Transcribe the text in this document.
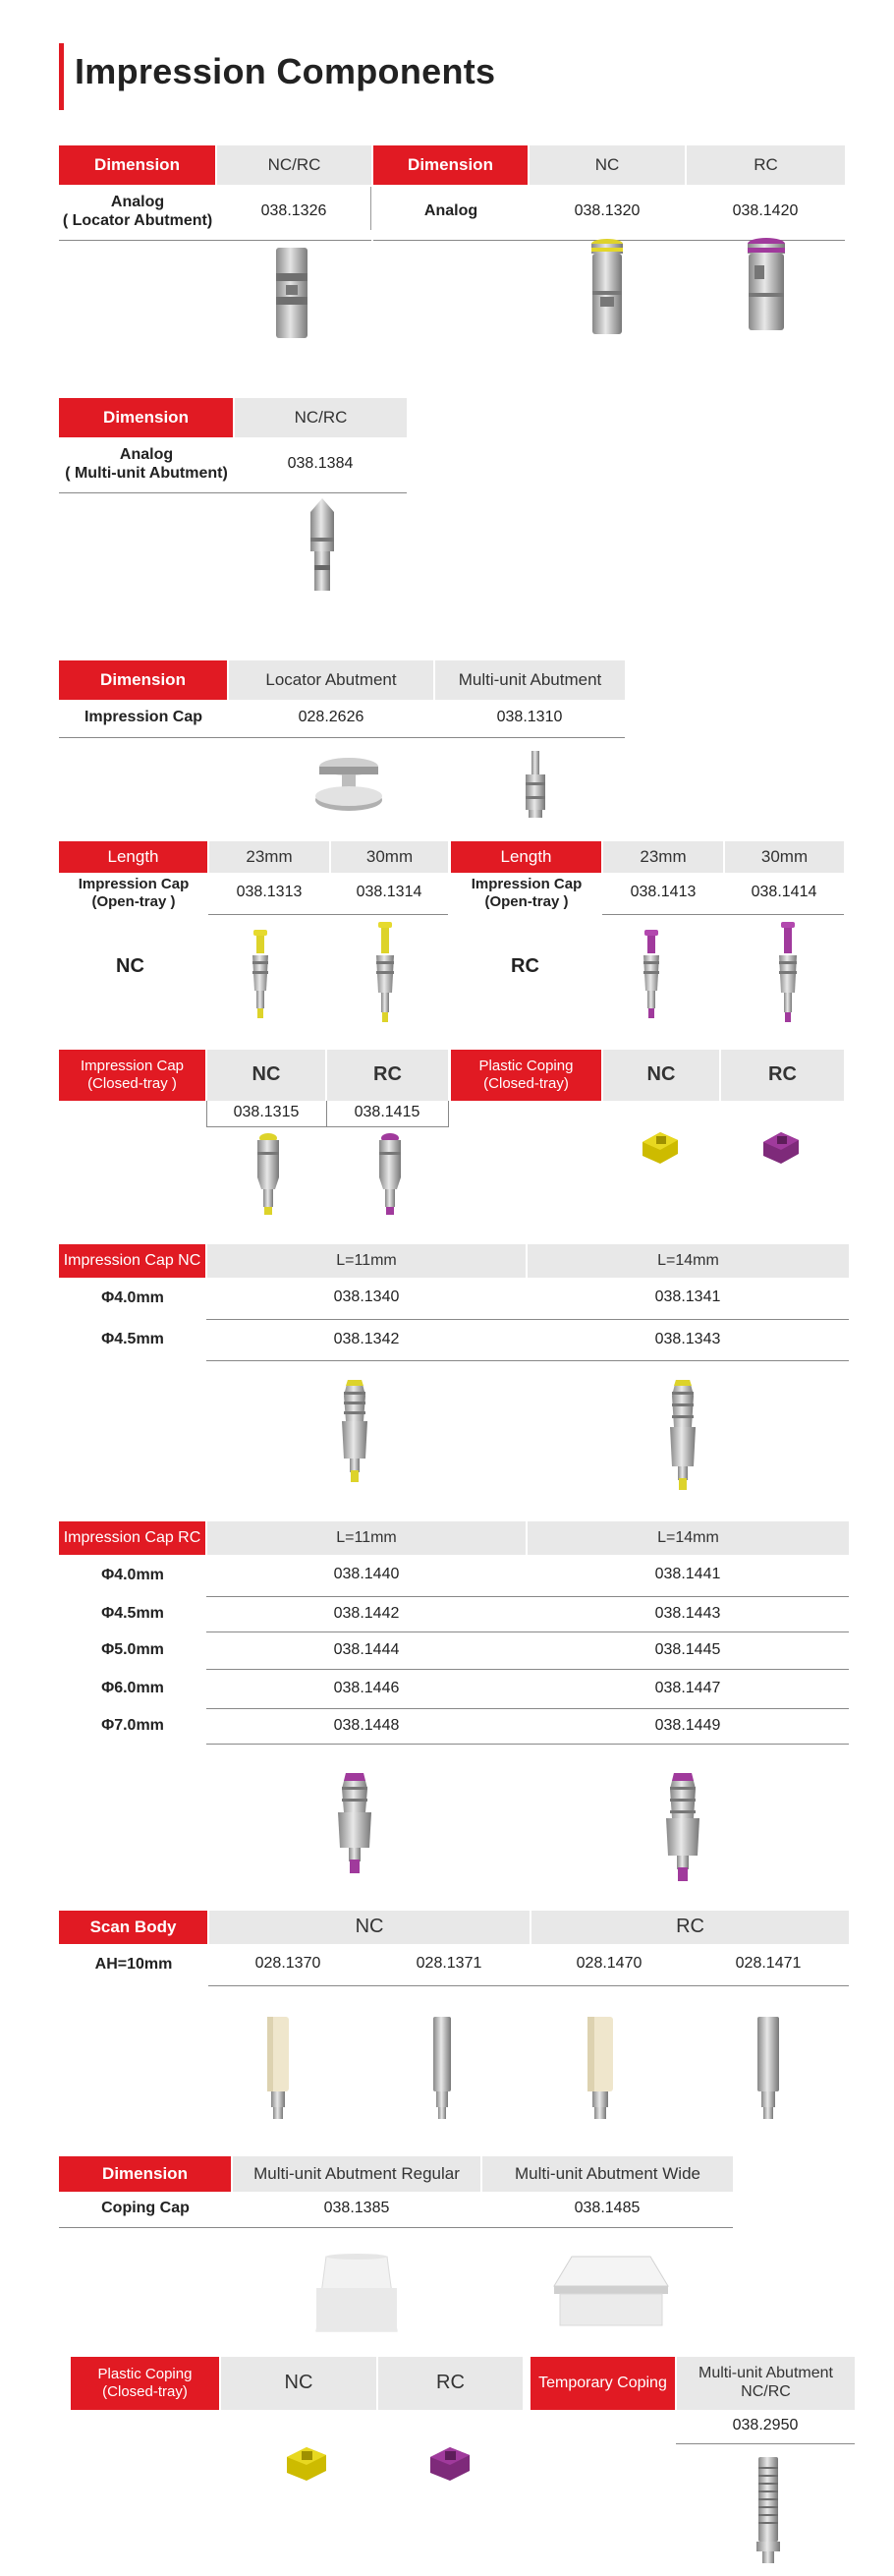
Impression Components
Dimension	NC/RC
Analog
( Locator Abutment)	038.1326
Dimension	NC	RC
Analog	038.1320	038.1420
Dimension	NC/RC
Analog
( Multi-unit Abutment)	038.1384
Dimension	Locator Abutment	Multi-unit Abutment
Impression Cap	028.2626	038.1310
Length	23mm	30mm
Impression Cap
(Open-tray )	038.1313	038.1314
NC
Length	23mm	30mm
Impression Cap
(Open-tray )	038.1413	038.1414
RC
Impression Cap
(Closed-tray )	NC	RC
	038.1315	038.1415
Plastic Coping
(Closed-tray)	NC	RC
Impression Cap NC	L=11mm	L=14mm
Φ4.0mm	038.1340	038.1341
Φ4.5mm	038.1342	038.1343
Impression Cap RC	L=11mm	L=14mm
Φ4.0mm	038.1440	038.1441
Φ4.5mm	038.1442	038.1443
Φ5.0mm	038.1444	038.1445
Φ6.0mm	038.1446	038.1447
Φ7.0mm	038.1448	038.1449
Scan Body	NC		RC	
AH=10mm	028.1370	028.1371	028.1470	028.1471
Dimension	Multi-unit Abutment Regular	Multi-unit Abutment Wide
Coping Cap	038.1385	038.1485
Plastic Coping
(Closed-tray)	NC	RC	Temporary Coping	Multi-unit Abutment
NC/RC
	038.2950
